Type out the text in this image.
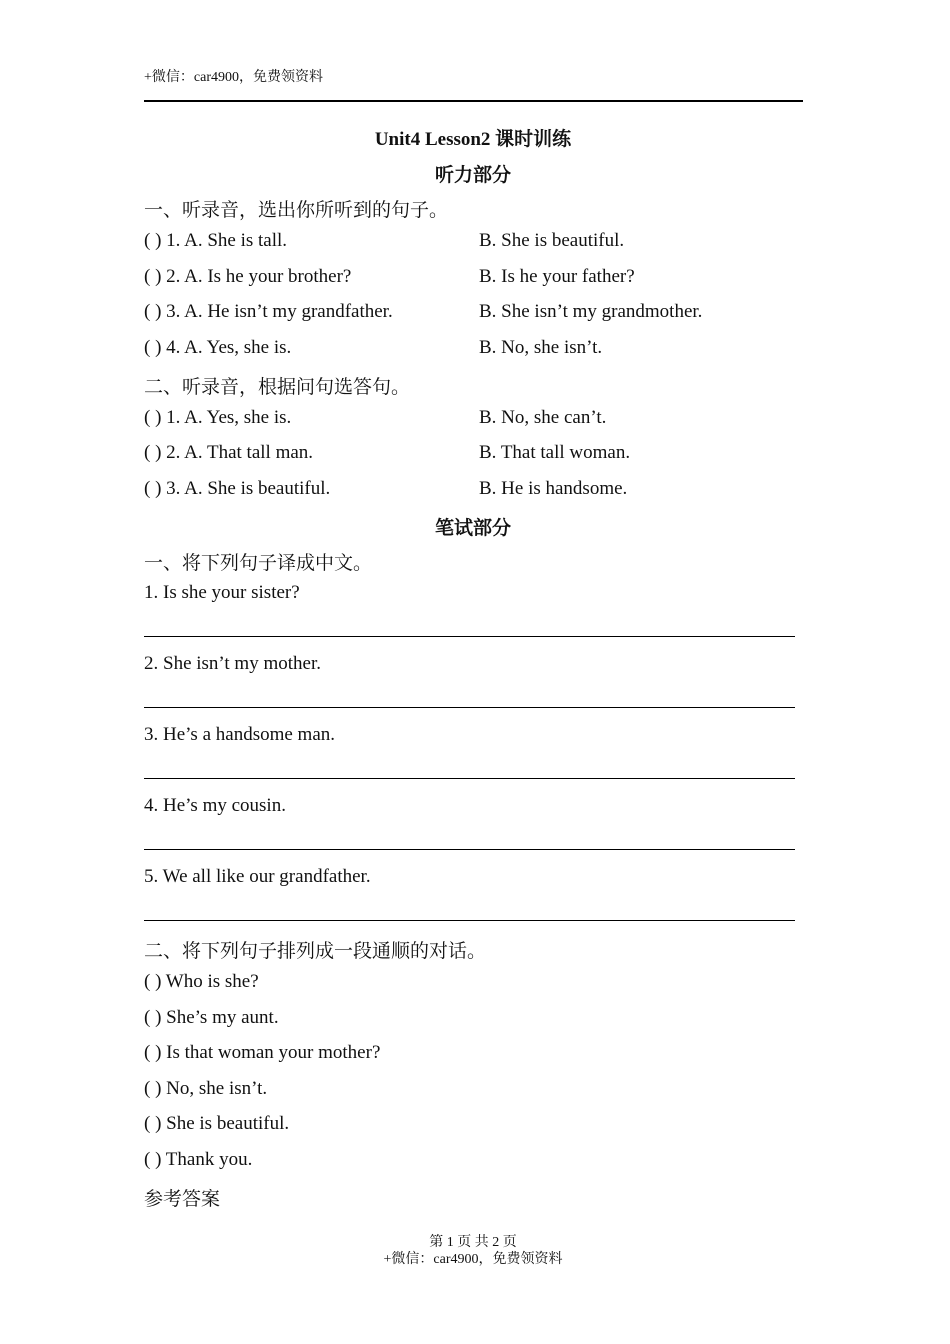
+微信：car4900，免费领资料
Unit4 Lesson2 课时训练
听力部分
一、听录音，选出你所听到的句子。
( ) 1. A. She is tall.	B. She is beautiful.
( ) 2. A. Is he your brother?	B. Is he your father?
( ) 3. A. He isn’t my grandfather.	B. She isn’t my grandmother.
( ) 4. A. Yes, she is.	B. No, she isn’t.
二、听录音，根据问句选答句。
( ) 1. A. Yes, she is.	B. No, she can’t.
( ) 2. A. That tall man.	B. That tall woman.
( ) 3. A. She is beautiful.	B. He is handsome.
笔试部分
一、将下列句子译成中文。
1. Is she your sister?
2. She isn’t my mother.
3. He’s a handsome man.
4. He’s my cousin.
5. We all like our grandfather.
二、将下列句子排列成一段通顺的对话。
( ) Who is she?
( ) She’s my aunt.
( ) Is that woman your mother?
( ) No, she isn’t.
( ) She is beautiful.
( ) Thank you.
参考答案
第 1 页 共 2 页
+微信：car4900，免费领资料
